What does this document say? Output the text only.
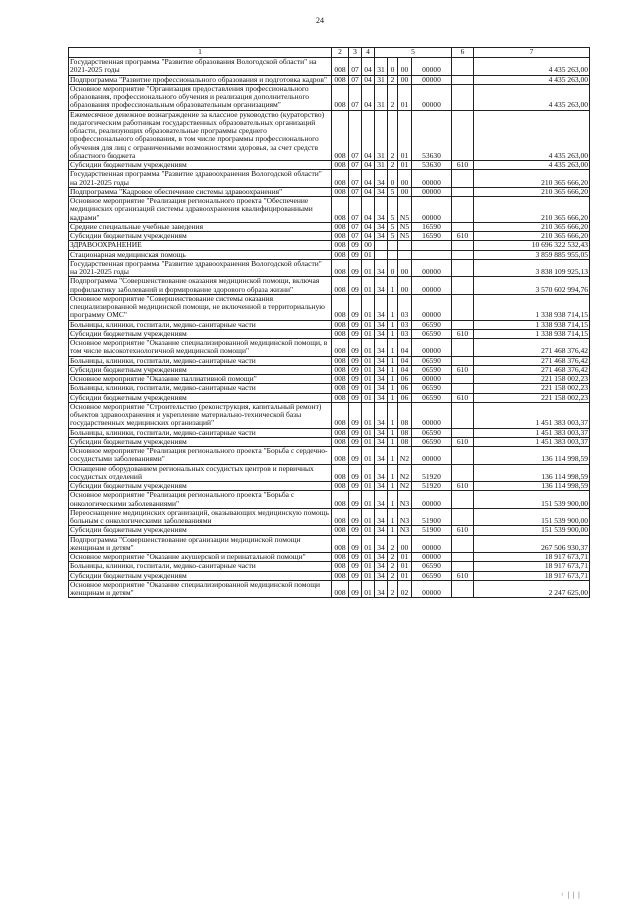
24
1	2	3	4	5				6	7
Государственная программа "Развитие образования Вологодской области" на 2021-2025 годы	008	07	04	31	0	00	00000		4 435 263,00
Подпрограмма "Развитие профессионального образования и подготовка кадров"	008	07	04	31	2	00	00000		4 435 263,00
Основное мероприятие "Организация предоставления профессионального образования, профессионального обучения и реализация дополнительного образования профессиональным образовательным организациям"	008	07	04	31	2	01	00000		4 435 263,00
Ежемесячное денежное вознаграждение за классное руководство (кураторство) педагогическим работникам государственных образовательных организаций области, реализующих образовательные программы среднего профессионального образования, в том числе программы профессионального обучения для лиц с ограниченными возможностями здоровья, за счет средств областного бюджета	008	07	04	31	2	01	53630		4 435 263,00
Субсидии бюджетным учреждениям	008	07	04	31	2	01	53630	610	4 435 263,00
Государственная программа "Развитие здравоохранения Вологодской области" на 2021-2025 годы	008	07	04	34	0	00	00000		210 365 666,20
Подпрограмма "Кадровое обеспечение системы здравоохранения"	008	07	04	34	5	00	00000		210 365 666,20
Основное мероприятие "Реализация регионального проекта "Обеспечение медицинских организаций системы здравоохранения квалифицированными кадрами"	008	07	04	34	5	N5	00000		210 365 666,20
Средние специальные учебные заведения	008	07	04	34	5	N5	16590		210 365 666,20
Субсидии бюджетным учреждениям	008	07	04	34	5	N5	16590	610	210 365 666,20
ЗДРАВООХРАНЕНИЕ	008	09	00						10 696 322 532,43
Стационарная медицинская помощь	008	09	01						3 859 885 955,05
Государственная программа "Развитие здравоохранения Вологодской области" на 2021-2025 годы	008	09	01	34	0	00	00000		3 838 109 925,13
Подпрограмма "Совершенствование оказания медицинской помощи, включая профилактику заболеваний и формирование здорового образа жизни"	008	09	01	34	1	00	00000		3 570 602 994,76
Основное мероприятие "Совершенствование системы оказания специализированной медицинской помощи, не включенной в территориальную программу ОМС"	008	09	01	34	1	03	00000		1 338 938 714,15
Больницы, клиники, госпитали, медико-санитарные части	008	09	01	34	1	03	06590		1 338 938 714,15
Субсидии бюджетным учреждениям	008	09	01	34	1	03	06590	610	1 338 938 714,15
Основное мероприятие "Оказание специализированной медицинской помощи, в том числе высокотехнологичной медицинской помощи"	008	09	01	34	1	04	00000		271 468 376,42
Больницы, клиники, госпитали, медико-санитарные части	008	09	01	34	1	04	06590		271 468 376,42
Субсидии бюджетным учреждениям	008	09	01	34	1	04	06590	610	271 468 376,42
Основное мероприятие "Оказание паллиативной помощи"	008	09	01	34	1	06	00000		221 158 002,23
Больницы, клиники, госпитали, медико-санитарные части	008	09	01	34	1	06	06590		221 158 002,23
Субсидии бюджетным учреждениям	008	09	01	34	1	06	06590	610	221 158 002,23
Основное мероприятие "Строительство (реконструкция, капитальный ремонт) объектов здравоохранения и укрепление материально-технической базы государственных медицинских организаций"	008	09	01	34	1	08	00000		1 451 383 003,37
Больницы, клиники, госпитали, медико-санитарные части	008	09	01	34	1	08	06590		1 451 383 003,37
Субсидии бюджетным учреждениям	008	09	01	34	1	08	06590	610	1 451 383 003,37
Основное мероприятие "Реализация регионального проекта "Борьба с сердечно-сосудистыми заболеваниями"	008	09	01	34	1	N2	00000		136 114 998,59
Оснащение оборудованием региональных сосудистых центров и первичных сосудистых отделений	008	09	01	34	1	N2	51920		136 114 998,59
Субсидии бюджетным учреждениям	008	09	01	34	1	N2	51920	610	136 114 998,59
Основное мероприятие "Реализация регионального проекта "Борьба с онкологическими заболеваниями"	008	09	01	34	1	N3	00000		151 539 900,00
Переоснащение медицинских организаций, оказывающих медицинскую помощь больным с онкологическими заболеваниями	008	09	01	34	1	N3	51900		151 539 900,00
Субсидии бюджетным учреждениям	008	09	01	34	1	N3	51900	610	151 539 900,00
Подпрограмма "Совершенствование организации медицинской помощи женщинам и детям"	008	09	01	34	2	00	00000		267 506 930,37
Основное мероприятие "Оказание акушерской и перинатальной помощи"	008	09	01	34	2	01	00000		18 917 673,71
Больницы, клиники, госпитали, медико-санитарные части	008	09	01	34	2	01	06590		18 917 673,71
Субсидии бюджетным учреждениям	008	09	01	34	2	01	06590	610	18 917 673,71
Основное мероприятие "Оказание специализированной медицинской помощи женщинам и детям"	008	09	01	34	2	02	00000		2 247 625,00
ᴵ │││
